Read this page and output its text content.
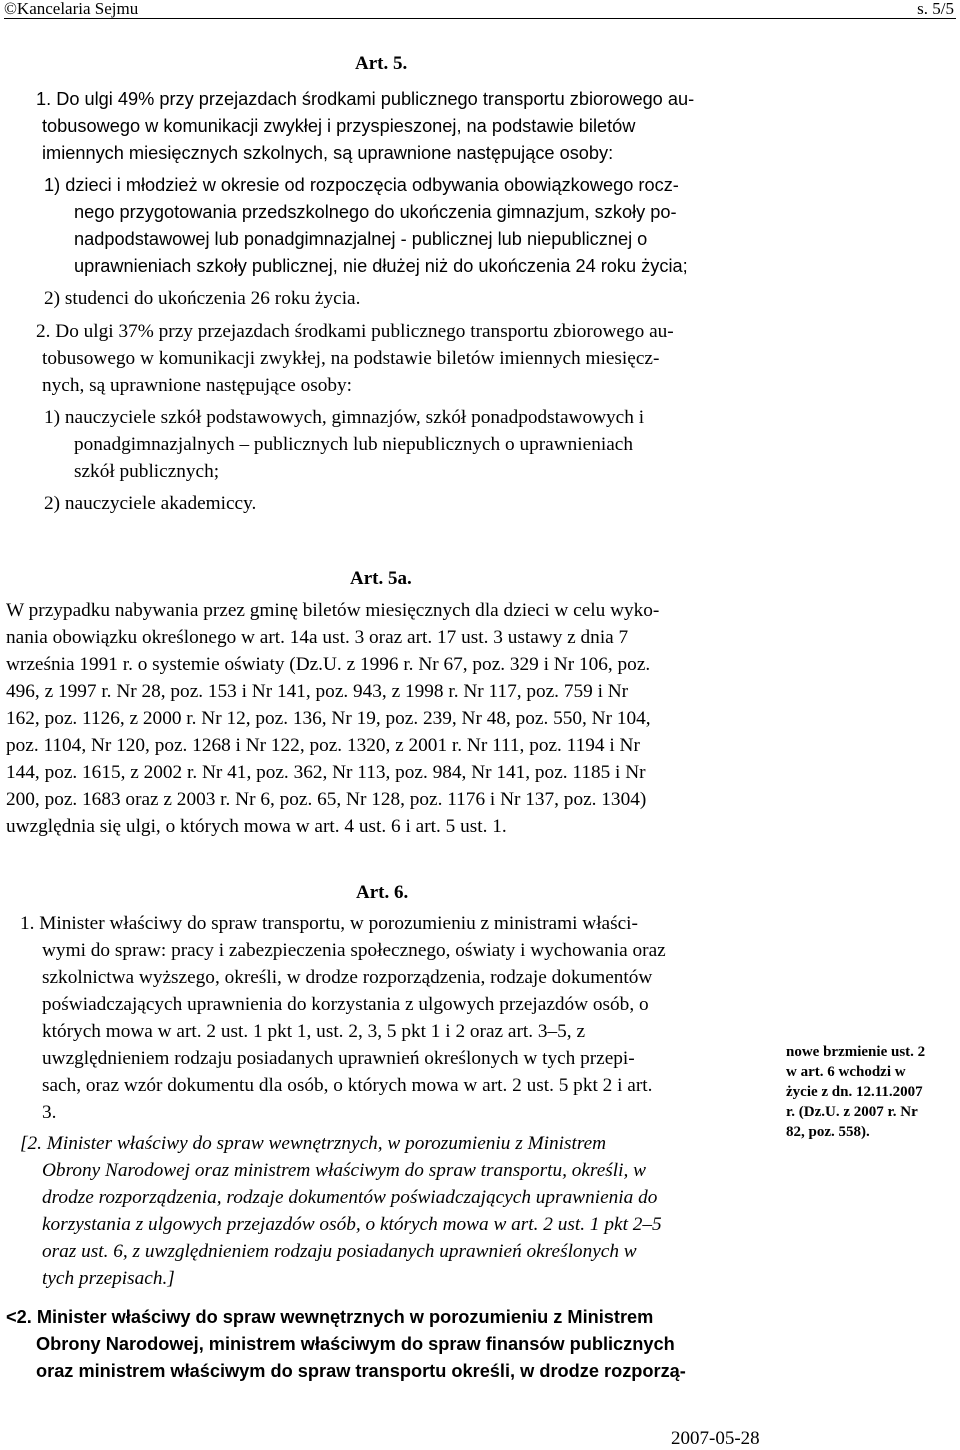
©Kancelaria Sejmu	s. 5/5
Art. 5.

1. Do ulgi 49% przy przejazdach środkami publicznego transportu zbiorowego au-

tobusowego w komunikacji zwykłej i przyspieszonej, na podstawie biletów

imiennych miesięcznych szkolnych, są uprawnione następujące osoby:

1) dzieci i młodzież w okresie od rozpoczęcia odbywania obowiązkowego rocz-

nego przygotowania przedszkolnego do ukończenia gimnazjum, szkoły po-

nadpodstawowej lub ponadgimnazjalnej - publicznej lub niepublicznej o

uprawnieniach szkoły publicznej, nie dłużej niż do ukończenia 24 roku życia;

2) studenci do ukończenia 26 roku życia.

2. Do ulgi 37% przy przejazdach środkami publicznego transportu zbiorowego au-

tobusowego w komunikacji zwykłej, na podstawie biletów imiennych miesięcz-

nych, są uprawnione następujące osoby:

1) nauczyciele szkół podstawowych, gimnazjów, szkół ponadpodstawowych i

ponadgimnazjalnych – publicznych lub niepublicznych o uprawnieniach

szkół publicznych;

2) nauczyciele akademiccy.
Art. 5a.

W przypadku nabywania przez gminę biletów miesięcznych dla dzieci w celu wyko-

nania obowiązku określonego w art. 14a ust. 3 oraz art. 17 ust. 3 ustawy z dnia 7

września 1991 r. o systemie oświaty (Dz.U. z 1996 r. Nr 67, poz. 329 i Nr 106, poz.

496, z 1997 r. Nr 28, poz. 153 i Nr 141, poz. 943, z 1998 r. Nr 117, poz. 759 i Nr

162, poz. 1126, z 2000 r. Nr 12, poz. 136, Nr 19, poz. 239, Nr 48, poz. 550, Nr 104,

poz. 1104, Nr 120, poz. 1268 i Nr 122, poz. 1320, z 2001 r. Nr 111, poz. 1194 i Nr

144, poz. 1615, z 2002 r. Nr 41, poz. 362, Nr 113, poz. 984, Nr 141, poz. 1185 i Nr

200, poz. 1683 oraz z 2003 r. Nr 6, poz. 65, Nr 128, poz. 1176 i Nr 137, poz. 1304)

uwzględnia się ulgi, o których mowa w art. 4 ust. 6 i art. 5 ust. 1.

Art. 6.

1. Minister właściwy do spraw transportu, w porozumieniu z ministrami właści-

wymi do spraw: pracy i zabezpieczenia społecznego, oświaty i wychowania oraz

szkolnictwa wyższego, określi, w drodze rozporządzenia, rodzaje dokumentów

poświadczających uprawnienia do korzystania z ulgowych przejazdów osób, o

których mowa w art. 2 ust. 1 pkt 1, ust. 2, 3, 5 pkt 1 i 2 oraz art. 3–5, z

uwzględnieniem rodzaju posiadanych uprawnień określonych w tych przepi-

sach, oraz wzór dokumentu dla osób, o których mowa w art. 2 ust. 5 pkt 2 i art.

3.

[2. Minister właściwy do spraw wewnętrznych, w porozumieniu z Ministrem

Obrony Narodowej oraz ministrem właściwym do spraw transportu, określi, w

drodze rozporządzenia, rodzaje dokumentów poświadczających uprawnienia do

korzystania z ulgowych przejazdów osób, o których mowa w art. 2 ust. 1 pkt 2–5

oraz ust. 6, z uwzględnieniem rodzaju posiadanych uprawnień określonych w

tych przepisach.]

<2. Minister właściwy do spraw wewnętrznych w porozumieniu z Ministrem

Obrony Narodowej, ministrem właściwym do spraw finansów publicznych

oraz ministrem właściwym do spraw transportu określi, w drodze rozporzą-

nowe brzmienie ust. 2
w art. 6 wchodzi w
życie z dn. 12.11.2007
r. (Dz.U. z 2007 r. Nr
82, poz. 558).
2007-05-28
